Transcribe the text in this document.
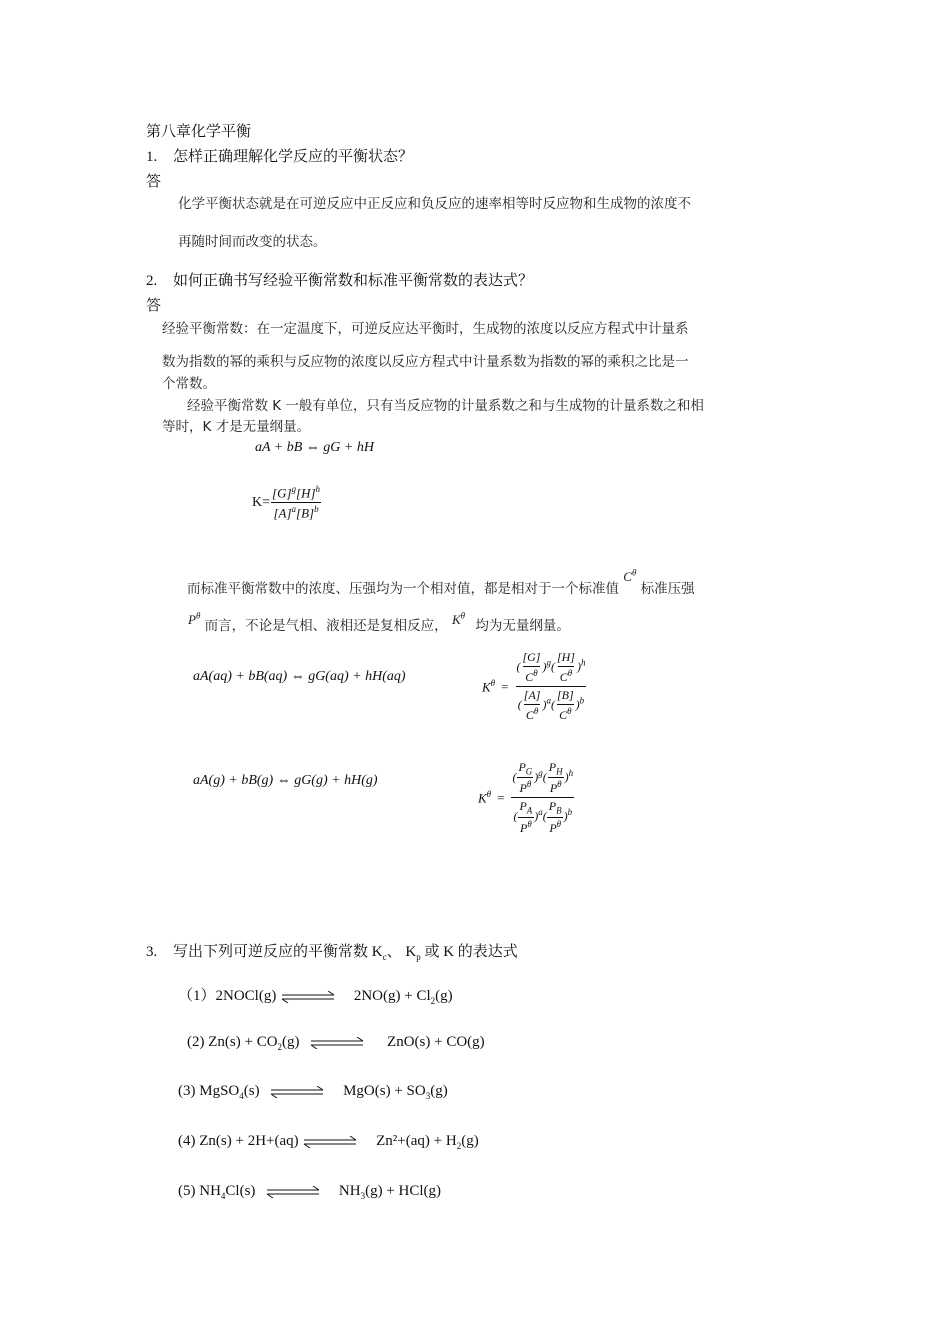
第八章化学平衡
1. 怎样正确理解化学反应的平衡状态？
答
化学平衡状态就是在可逆反应中正反应和负反应的速率相等时反应物和生成物的浓度不
再随时间而改变的状态。
2. 如何正确书写经验平衡常数和标准平衡常数的表达式？
答
经验平衡常数：在一定温度下，可逆反应达平衡时，生成物的浓度以反应方程式中计量系
数为指数的幂的乘积与反应物的浓度以反应方程式中计量系数为指数的幂的乘积之比是一
个常数。
经验平衡常数 K 一般有单位，只有当反应物的计量系数之和与生成物的计量系数之和相
等时，K 才是无量纲量。
aA + bB ⇔ gG + hH
$K= \frac{[G]^g[H]^h}{[A]^a[B]^b}$
而标准平衡常数中的浓度、压强均为一个相对值，都是相对于一个标准值 $C^\theta$ 标准压强
$P^\theta$ 而言，不论是气相、液相还是复相反应， $K^\theta$ 均为无量纲量。
aA(aq) + bB(aq) ⇔ gG(aq) + hH(aq)
$K^\theta = \frac{( \frac{[G]}{C^\theta} )^g( \frac{[H]}{C^\theta} )^h}{( \frac{[A]}{C^\theta} )^a( \frac{[B]}{C^\theta} )^b}$
aA(g) + bB(g) ⇔ gG(g) + hH(g)
$K^\theta = \frac{( \frac{P_G}{P^\theta} )^g( \frac{P_H}{P^\theta} )^h}{( \frac{P_A}{P^\theta} )^a( \frac{P_B}{P^\theta} )^b}$
3. 写出下列可逆反应的平衡常数 $K_c$、 $K_p$ 或 K 的表达式
（1）2NOCl(g) ⇌ $2NO(g) + Cl_2(g)$
(2) $Zn(s) + CO_2(g)$ ⇌ ZnO(s) + CO(g)
(3) MgSO$_4$(s) ⇌ $MgO(s) + SO_3(g)$
(4) Zn(s) + 2H+(aq) ⇌ $Zn^2+(aq) + H_2(g)$
(5) $NH_4Cl(s)$ ⇌ $NH_3(g) + HCl(g)$
